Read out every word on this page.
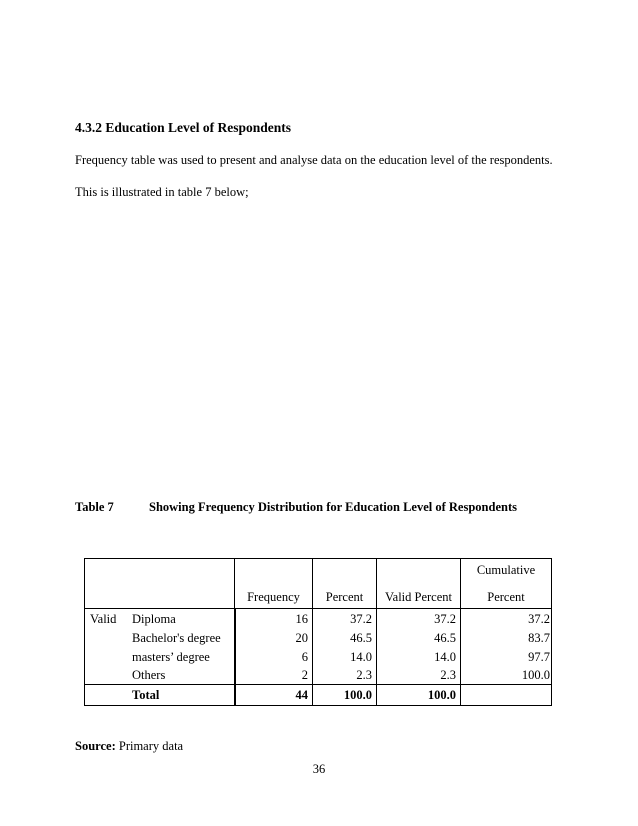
4.3.2 Education Level of Respondents
Frequency table was used to present and analyse data on the education level of the respondents.
This is illustrated in table 7 below;
Table 7	Showing Frequency Distribution for Education Level of Respondents
Cumulative
Frequency	Percent	Valid Percent	Percent
Valid Diploma	16	37.2	37.2	37.2
Bachelor's degree	20	46.5	46.5	83.7
masters’ degree	6	14.0	14.0	97.7
Others	2	2.3	2.3	100.0
Total	44	100.0	100.0
Source: Primary data
36
